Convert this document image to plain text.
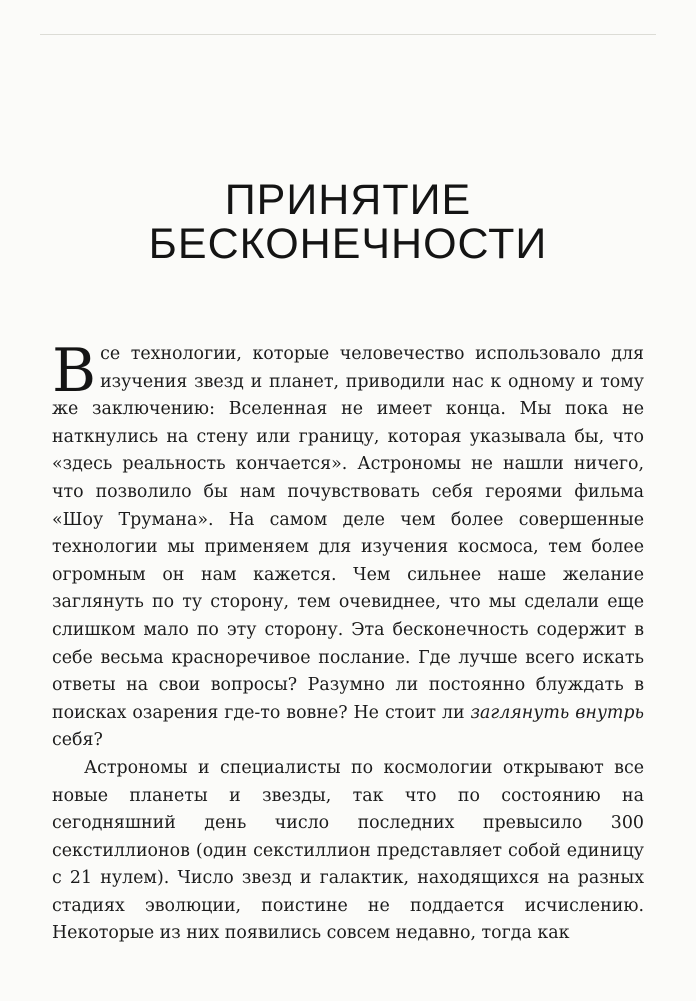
ПРИНЯТИЕ
БЕСКОНЕЧНОСТИ

Все технологии, которые человечество использовало для изучения звезд и планет, приводили нас к одному и тому же заключению: Вселенная не имеет конца. Мы пока не наткнулись на стену или границу, которая указывала бы, что «здесь реальность кончается». Астрономы не нашли ничего, что позволило бы нам почувствовать себя героями фильма «Шоу Трумана». На самом деле чем более совершенные технологии мы применяем для изучения космоса, тем более огромным он нам кажется. Чем сильнее наше желание заглянуть по ту сторону, тем очевиднее, что мы сделали еще слишком мало по эту сторону. Эта бесконечность содержит в себе весьма красноречивое послание. Где лучше всего искать ответы на свои вопросы? Разумно ли постоянно блуждать в поисках озарения где-то вовне? Не стоит ли заглянуть внутрь себя?

Астрономы и специалисты по космологии открывают все новые планеты и звезды, так что по состоянию на сегодняшний день число последних превысило 300 секстиллионов (один секстиллион представляет собой единицу с 21 нулем). Число звезд и галактик, находящихся на разных стадиях эволюции, поистине не поддается исчислению. Некоторые из них появились совсем недавно, тогда как
